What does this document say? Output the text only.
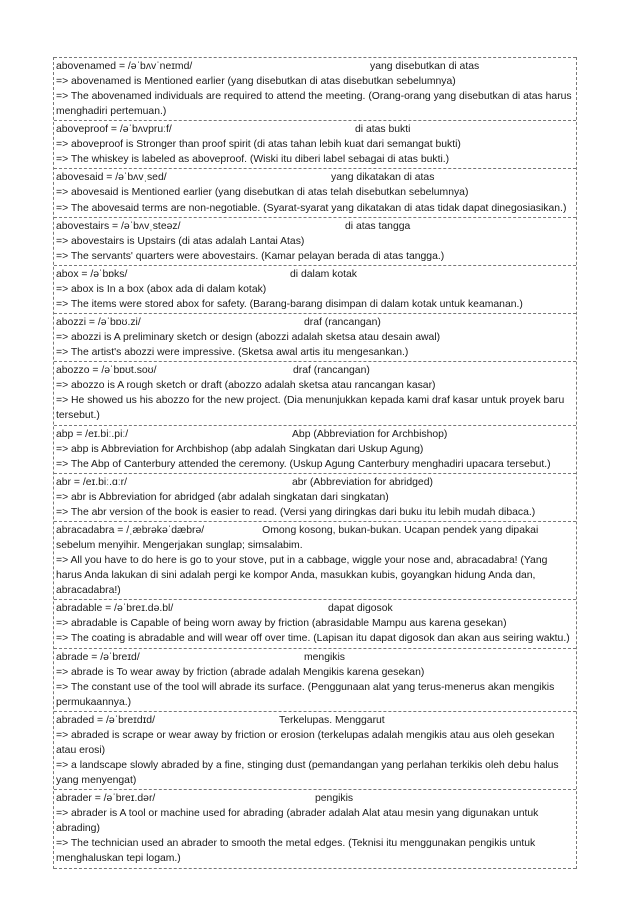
abovenamed = /əˈbʌvˈneɪmd/	yang disebutkan di atas
=> abovenamed is Mentioned earlier (yang disebutkan di atas disebutkan sebelumnya)
=> The abovenamed individuals are required to attend the meeting. (Orang-orang yang disebutkan di atas harus menghadiri pertemuan.)
aboveproof = /əˈbʌvpruːf/	di atas bukti
=> aboveproof is Stronger than proof spirit (di atas tahan lebih kuat dari semangat bukti)
=> The whiskey is labeled as aboveproof. (Wiski itu diberi label sebagai di atas bukti.)
abovesaid = /əˈbʌvˌsed/	yang dikatakan di atas
=> abovesaid is Mentioned earlier (yang disebutkan di atas telah disebutkan sebelumnya)
=> The abovesaid terms are non-negotiable. (Syarat-syarat yang dikatakan di atas tidak dapat dinegosiasikan.)
abovestairs = /əˈbʌvˌsteəz/	di atas tangga
=> abovestairs is Upstairs (di atas adalah Lantai Atas)
=> The servants' quarters were abovestairs. (Kamar pelayan berada di atas tangga.)
abox = /əˈbɒks/	di dalam kotak
=> abox is In a box (abox ada di dalam kotak)
=> The items were stored abox for safety. (Barang-barang disimpan di dalam kotak untuk keamanan.)
abozzi = /əˈbɒʊ.zi/	draf (rancangan)
=> abozzi is A preliminary sketch or design (abozzi adalah sketsa atau desain awal)
=> The artist's abozzi were impressive. (Sketsa awal artis itu mengesankan.)
abozzo = /əˈbɒʊt.soʊ/	draf (rancangan)
=> abozzo is A rough sketch or draft (abozzo adalah sketsa atau rancangan kasar)
=> He showed us his abozzo for the new project. (Dia menunjukkan kepada kami draf kasar untuk proyek baru tersebut.)
abp = /eɪ.biː.piː/	Abp (Abbreviation for Archbishop)
=> abp is Abbreviation for Archbishop (abp adalah Singkatan dari Uskup Agung)
=> The Abp of Canterbury attended the ceremony. (Uskup Agung Canterbury menghadiri upacara tersebut.)
abr = /eɪ.biː.ɑːr/	abr (Abbreviation for abridged)
=> abr is Abbreviation for abridged (abr adalah singkatan dari singkatan)
=> The abr version of the book is easier to read. (Versi yang diringkas dari buku itu lebih mudah dibaca.)
abracadabra = /ˌæbrəkəˈdæbrə/	Omong kosong, bukan-bukan. Ucapan pendek yang dipakai sebelum menyihir. Mengerjakan sunglap; simsalabim.
=> All you have to do here is go to your stove, put in a cabbage, wiggle your nose and, abracadabra! (Yang harus Anda lakukan di sini adalah pergi ke kompor Anda, masukkan kubis, goyangkan hidung Anda dan, abracadabra!)
abradable = /əˈbreɪ.də.bl/	dapat digosok
=> abradable is Capable of being worn away by friction (abrasidable Mampu aus karena gesekan)
=> The coating is abradable and will wear off over time. (Lapisan itu dapat digosok dan akan aus seiring waktu.)
abrade = /əˈbreɪd/	mengikis
=> abrade is To wear away by friction (abrade adalah Mengikis karena gesekan)
=> The constant use of the tool will abrade its surface. (Penggunaan alat yang terus-menerus akan mengikis permukaannya.)
abraded = /əˈbreɪdɪd/	Terkelupas. Menggarut
=> abraded is scrape or wear away by friction or erosion (terkelupas adalah mengikis atau aus oleh gesekan atau erosi)
=> a landscape slowly abraded by a fine, stinging dust (pemandangan yang perlahan terkikis oleh debu halus yang menyengat)
abrader = /əˈbreɪ.dər/	pengikis
=> abrader is A tool or machine used for abrading (abrader adalah Alat atau mesin yang digunakan untuk abrading)
=> The technician used an abrader to smooth the metal edges. (Teknisi itu menggunakan pengikis untuk menghaluskan tepi logam.)
